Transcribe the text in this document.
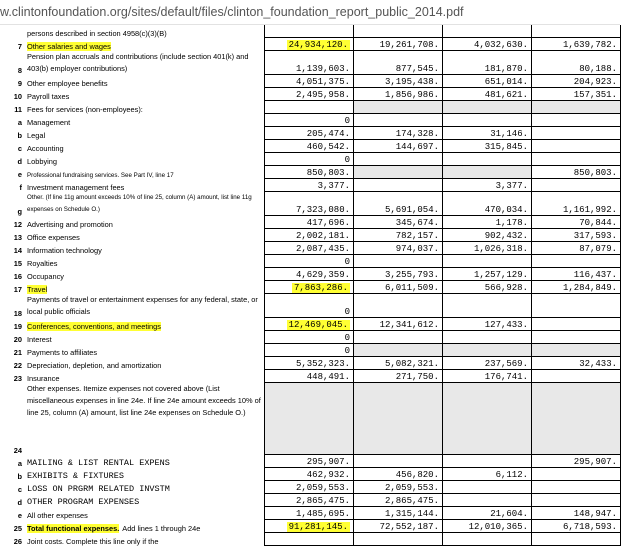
w.clintonfoundation.org/sites/default/files/clinton_foundation_report_public_2014.pdf
	persons described in section 4958(c)(3)(B)				
7	Other salaries and wages	24,934,120.	19,261,708.	4,032,630.	1,639,782.
8	Pension plan accruals and contributions (include section 401(k) and 403(b) employer contributions)	1,139,603.	877,545.	181,870.	80,188.
9	Other employee benefits	4,051,375.	3,195,438.	651,014.	204,923.
10	Payroll taxes	2,495,958.	1,856,986.	481,621.	157,351.
11	Fees for services (non-employees):				
a	Management	0			
b	Legal	205,474.	174,328.	31,146.	
c	Accounting	460,542.	144,697.	315,845.	
d	Lobbying	0			
e	Professional fundraising services. See Part IV, line 17	850,803.			850,803.
f	Investment management fees	3,377.		3,377.	
g	Other. (If line 11g amount exceeds 10% of line 25, column (A) amount, list line 11g expenses on Schedule O.)	7,323,080.	5,691,054.	470,034.	1,161,992.
12	Advertising and promotion	417,696.	345,674.	1,178.	70,844.
13	Office expenses	2,002,181.	782,157.	902,432.	317,593.
14	Information technology	2,087,435.	974,037.	1,026,318.	87,079.
15	Royalties	0			
16	Occupancy	4,629,359.	3,255,793.	1,257,129.	116,437.
17	Travel	7,863,286.	6,011,509.	566,928.	1,284,849.
18	Payments of travel or entertainment expenses for any federal, state, or local public officials	0			
19	Conferences, conventions, and meetings	12,469,045.	12,341,612.	127,433.	
20	Interest	0			
21	Payments to affiliates	0			
22	Depreciation, depletion, and amortization	5,352,323.	5,082,321.	237,569.	32,433.
23	Insurance	448,491.	271,750.	176,741.	
24	Other expenses. Itemize expenses not covered above (List miscellaneous expenses in line 24e. If line 24e amount exceeds 10% of line 25, column (A) amount, list line 24e expenses on Schedule O.)				
a	MAILING & LIST RENTAL EXPENS	295,907.			295,907.
b	EXHIBITS & FIXTURES	462,932.	456,820.	6,112.	
c	LOSS ON PRGRM RELATED INVSTM	2,059,553.	2,059,553.		
d	OTHER PROGRAM EXPENSES	2,865,475.	2,865,475.		
e	All other expenses	1,485,695.	1,315,144.	21,604.	148,947.
25	Total functional expenses. Add lines 1 through 24e	91,281,145.	72,552,187.	12,010,365.	6,718,593.
26	Joint costs. Complete this line only if the				
